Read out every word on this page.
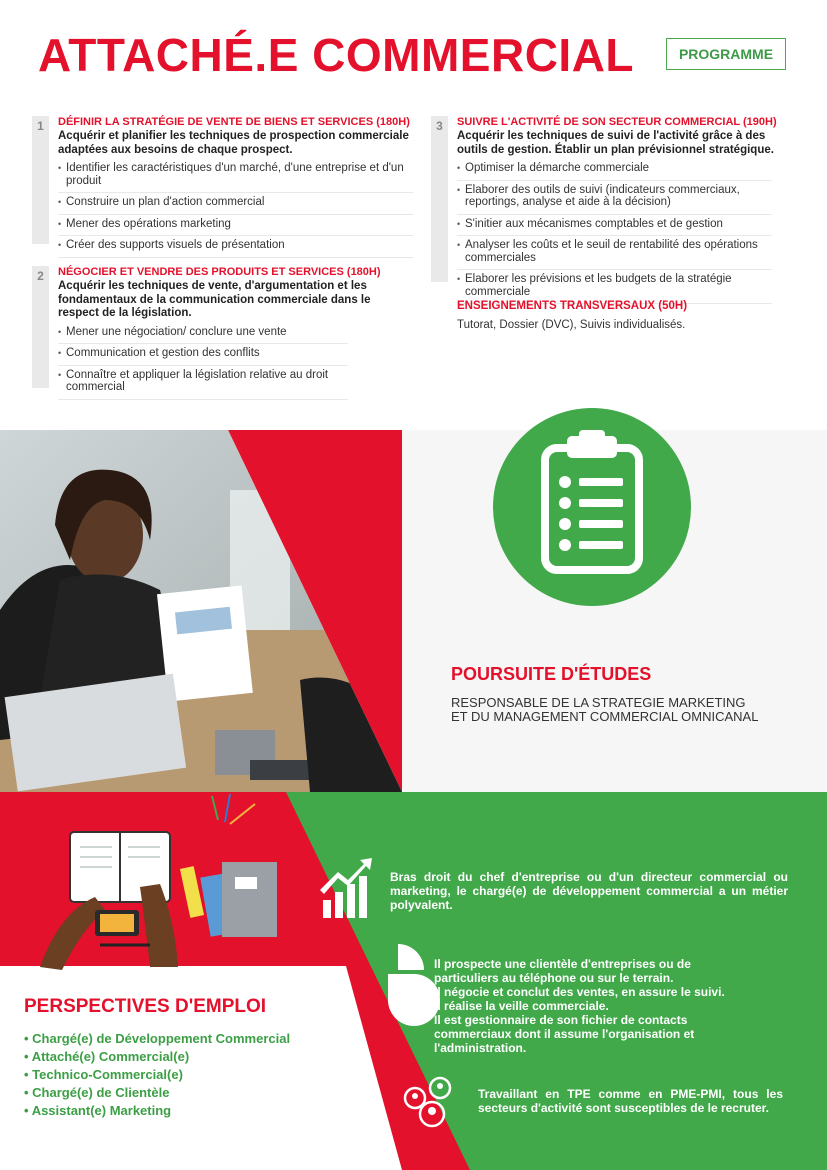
ATTACHÉ.E COMMERCIAL	PROGRAMME
1	DÉFINIR LA STRATÉGIE DE VENTE DE BIENS ET SERVICES (180H)
Acquérir et planifier les techniques de prospection commerciale adaptées aux besoins de chaque prospect.
• Identifier les caractéristiques d'un marché, d'une entreprise et d'un produit
• Construire un plan d'action commercial
• Mener des opérations marketing
• Créer des supports visuels de présentation
2	NÉGOCIER ET VENDRE DES PRODUITS ET SERVICES (180H)
Acquérir les techniques de vente, d'argumentation et les fondamentaux de la communication commerciale dans le respect de la législation.
• Mener une négociation/ conclure une vente
• Communication et gestion des conflits
• Connaître et appliquer la législation relative au droit commercial
3	SUIVRE L'ACTIVITÉ DE SON SECTEUR COMMERCIAL (190H)
Acquérir les techniques de suivi de l'activité grâce à des outils de gestion. Établir un plan prévisionnel stratégique.
• Optimiser la démarche commerciale
• Elaborer des outils de suivi (indicateurs commerciaux, reportings, analyse et aide à la décision)
• S'initier aux mécanismes comptables et de gestion
• Analyser les coûts et le seuil de rentabilité des opérations commerciales
• Elaborer les prévisions et les budgets de la stratégie commerciale
ENSEIGNEMENTS TRANSVERSAUX (50H)
Tutorat, Dossier (DVC), Suivis individualisés.
POURSUITE D'ÉTUDES
RESPONSABLE DE LA STRATEGIE MARKETING
ET DU MANAGEMENT COMMERCIAL OMNICANAL
Bras droit du chef d'entreprise ou d'un directeur commercial ou marketing, le chargé(e) de développement commercial a un métier polyvalent.
Il prospecte une clientèle d'entreprises ou de
particuliers au téléphone ou sur le terrain.
Il négocie et conclut des ventes, en assure le suivi.
Il réalise la veille commerciale.
Il est gestionnaire de son fichier de contacts
commerciaux dont il assume l'organisation et
l'administration.
Travaillant en TPE comme en PME-PMI, tous les secteurs d'activité sont susceptibles de le recruter.
PERSPECTIVES D'EMPLOI
• Chargé(e) de Développement Commercial
• Attaché(e) Commercial(e)
• Technico-Commercial(e)
• Chargé(e) de Clientèle
• Assistant(e) Marketing
